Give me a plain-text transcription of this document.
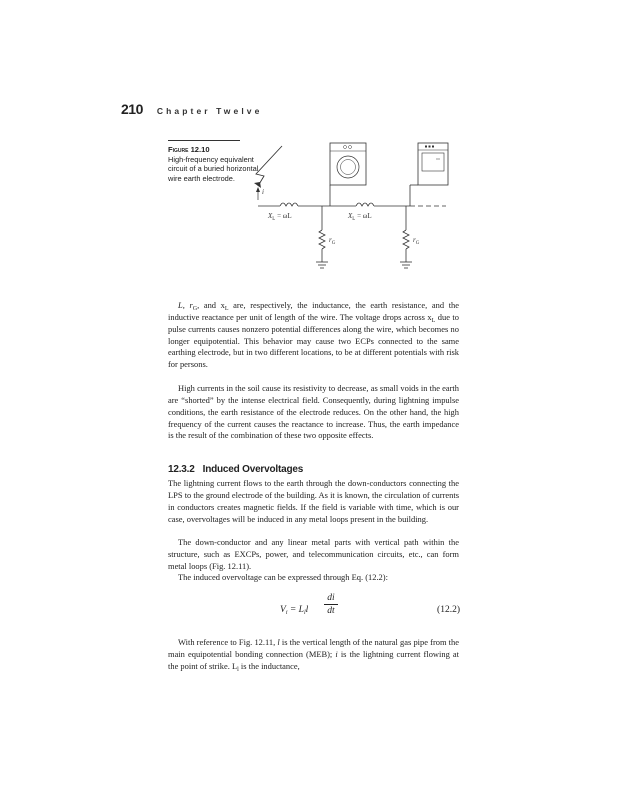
210 Chapter Twelve
Figure 12.10
High-frequency equivalent circuit of a buried horizontal wire earth electrode.
i
$X_L = \omega L$	$X_L = \omega L$
$r_G$	$r_G$

L, $r_G$, and $x_L$ are, respectively, the inductance, the earth resistance, and the inductive reactance per unit of length of the wire. The voltage drops across $x_L$ due to pulse currents causes nonzero potential differences along the wire, which becomes no longer equipotential. This behavior may cause two ECPs connected to the same earthing electrode, but in two different locations, to be at different potentials with risk for persons.

High currents in the soil cause its resistivity to decrease, as small voids in the earth are “shorted” by the intense electrical field. Consequently, during lightning impulse conditions, the earth resistance of the electrode reduces. On the other hand, the high frequency of the current causes the reactance to increase. Thus, the earth impedance is the result of the combination of these two opposite effects.

12.3.2 Induced Overvoltages

The lightning current flows to the earth through the down-conductors connecting the LPS to the ground electrode of the building. As it is known, the circulation of currents in conductors creates magnetic fields. If the field is variable with time, which is our case, overvoltages will be induced in any metal loops present in the building.

The down-conductor and any linear metal parts with vertical path within the structure, such as EXCPs, power, and telecommunication circuits, etc., can form metal loops (Fig. 12.11).

The induced overvoltage can be expressed through Eq. (12.2):

$V_i = L_ll$
di
dt	(12.2)

With reference to Fig. 12.11, l is the vertical length of the natural gas pipe from the main equipotential bonding connection (MEB); i is the lightning current flowing at the point of strike. $L_l$ is the inductance,
